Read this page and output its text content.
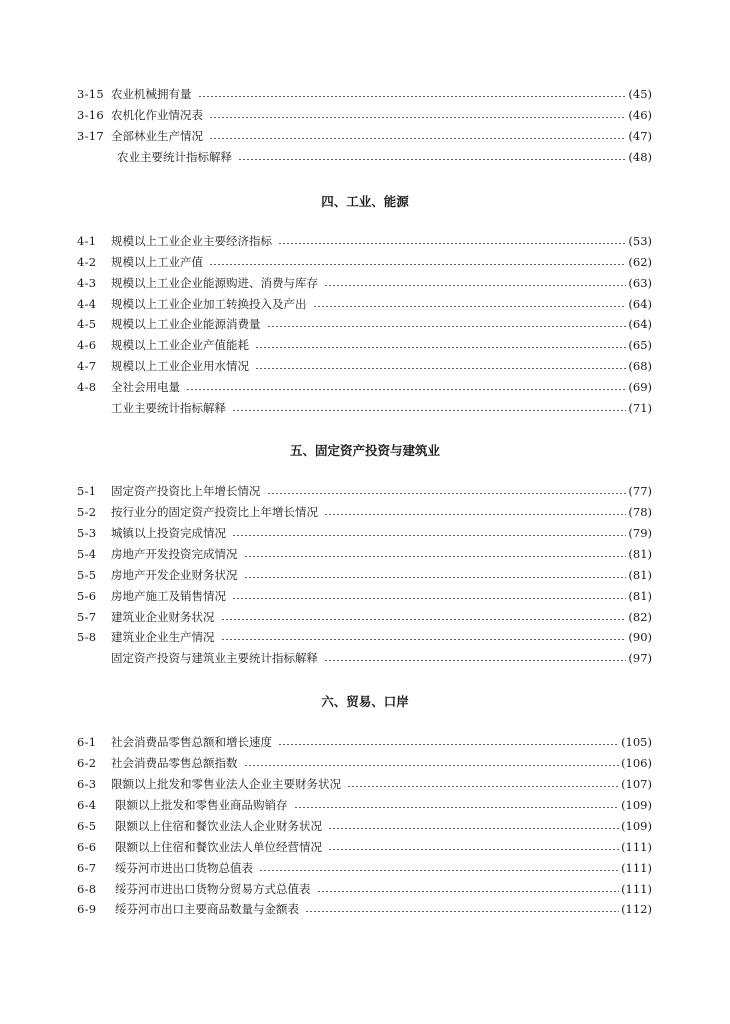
3-15 农业机械拥有量	(45)
3-16 农机化作业情况表	(46)
3-17 全部林业生产情况	(47)
农业主要统计指标解释	(48)
四、工业、能源
4-1	规模以上工业企业主要经济指标	(53)
4-2	规模以上工业产值	(62)
4-3	规模以上工业企业能源购进、消费与库存	(63)
4-4	规模以上工业企业加工转换投入及产出	(64)
4-5	规模以上工业企业能源消费量	(64)
4-6	规模以上工业企业产值能耗	(65)
4-7	规模以上工业企业用水情况	(68)
4-8	全社会用电量	(69)
工业主要统计指标解释	(71)
五、固定资产投资与建筑业
5-1	固定资产投资比上年增长情况	(77)
5-2	按行业分的固定资产投资比上年增长情况	(78)
5-3	城镇以上投资完成情况	(79)
5-4	房地产开发投资完成情况	(81)
5-5	房地产开发企业财务状况	(81)
5-6	房地产施工及销售情况	(81)
5-7	建筑业企业财务状况	(82)
5-8	建筑业企业生产情况	(90)
固定资产投资与建筑业主要统计指标解释	(97)
六、贸易、口岸
6-1	社会消费品零售总额和增长速度	(105)
6-2	社会消费品零售总额指数	(106)
6-3	限额以上批发和零售业法人企业主要财务状况	(107)
6-4	限额以上批发和零售业商品购销存	(109)
6-5	限额以上住宿和餐饮业法人企业财务状况	(109)
6-6	限额以上住宿和餐饮业法人单位经营情况	(111)
6-7	绥芬河市进出口货物总值表	(111)
6-8	绥芬河市进出口货物分贸易方式总值表	(111)
6-9	绥芬河市出口主要商品数量与金额表	(112)
